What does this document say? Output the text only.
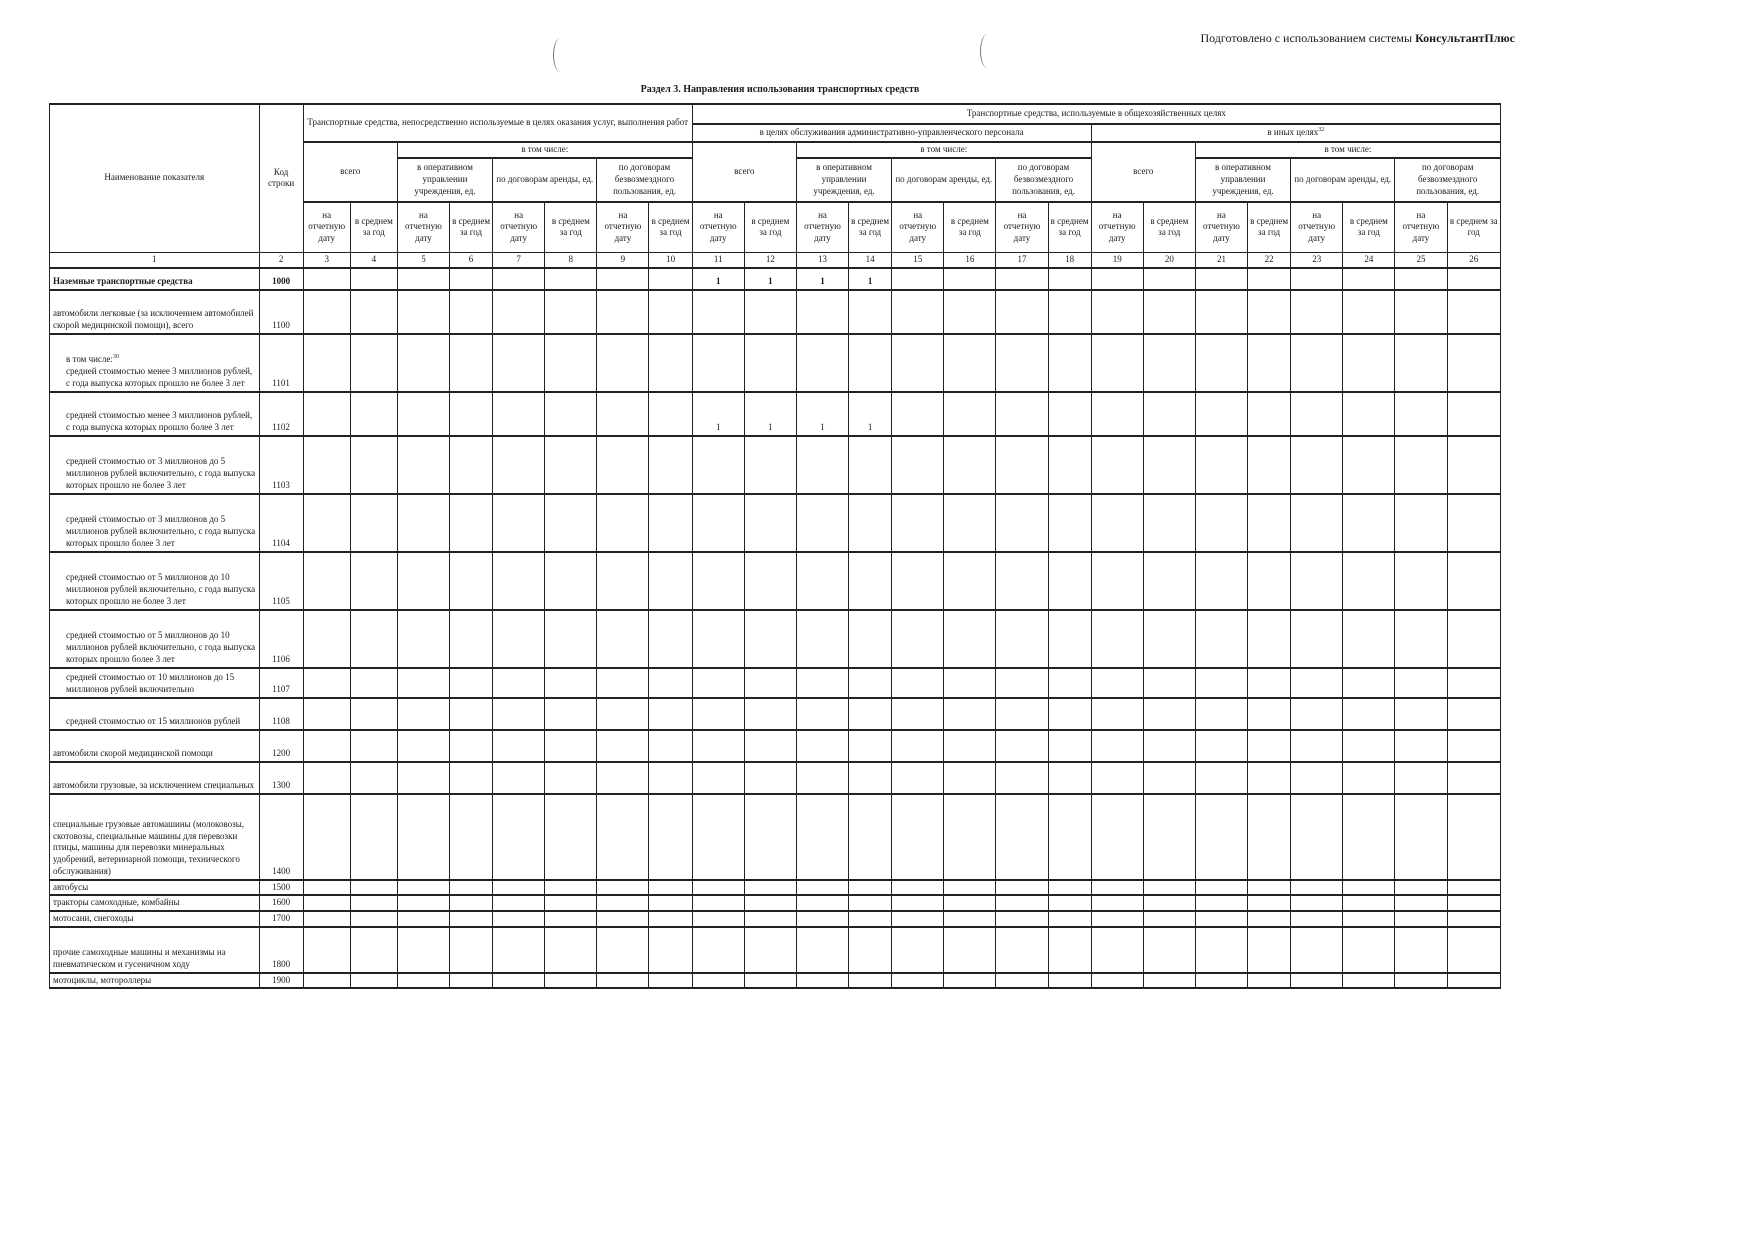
Подготовлено с использованием системы КонсультантПлюс
Раздел 3. Направления использования транспортных средств
Наименование показателя	Код строки	Транспортные средства, непосредственно используемые в целях оказания услуг, выполнения работ								Транспортные средства, используемые в общехозяйственных целях															
										в целях обслуживания административно-управленческого персонала								в иных целях$^{32}$
		всего		в том числе:						всего		в том числе:						всего		в том числе:					
				в оперативном управлении учреждения, ед.		по договорам аренды, ед.		по договорам безвозмездного пользования, ед.				в оперативном управлении учреждения, ед.		по договорам аренды, ед.		по договорам безвозмездного пользования, ед.				в оперативном управлении учреждения, ед.		по договорам аренды, ед.		по договорам безвозмездного пользования, ед.	
		на отчетную дату	в среднем за год	на отчетную дату	в среднем за год	на отчетную дату	в среднем за год	на отчетную дату	в среднем за год	на отчетную дату	в среднем за год	на отчетную дату	в среднем за год	на отчетную дату	в среднем за год	на отчетную дату	в среднем за год	на отчетную дату	в среднем за год	на отчетную дату	в среднем за год	на отчетную дату	в среднем за год	на отчетную дату	в среднем за год
1	2	3	4	5	6	7	8	9	10	11	12	13	14	15	16	17	18	19	20	21	22	23	24	25	26

Наземные транспортные средства	1000									1	1	1	1												

автомобили легковые (за исключением автомобилей скорой медицинской помощи), всего	1100																								

в том числе:$^{30}$
средней стоимостью менее 3 миллионов рублей, с года выпуска которых прошло не более 3 лет	1101																								

средней стоимостью менее 3 миллионов рублей, с года выпуска которых прошло более 3 лет	1102									1	1	1	1												

средней стоимостью от 3 миллионов до 5 миллионов рублей включительно, с года выпуска которых прошло не более 3 лет	1103																								

средней стоимостью от 3 миллионов до 5 миллионов рублей включительно, с года выпуска которых прошло более 3 лет	1104																								

средней стоимостью от 5 миллионов до 10 миллионов рублей включительно, с года выпуска которых прошло не более 3 лет	1105																								

средней стоимостью от 5 миллионов до 10 миллионов рублей включительно, с года выпуска которых прошло более 3 лет	1106																								

средней стоимостью от 10 миллионов до 15 миллионов рублей включительно	1107																								

средней стоимостью от 15 миллионов рублей	1108																								

автомобили скорой медицинской помощи	1200																								

автомобили грузовые, за исключением специальных	1300																								

специальные грузовые автомашины (молоковозы, скотовозы, специальные машины для перевозки птицы, машины для перевозки минеральных удобрений, ветеринарной помощи, технического обслуживания)	1400																								

автобусы	1500																								

тракторы самоходные, комбайны	1600																								

мотосани, снегоходы	1700																								

прочие самоходные машины и механизмы на пневматическом и гусеничном ходу	1800																								

мотоциклы, мотороллеры	1900																								
